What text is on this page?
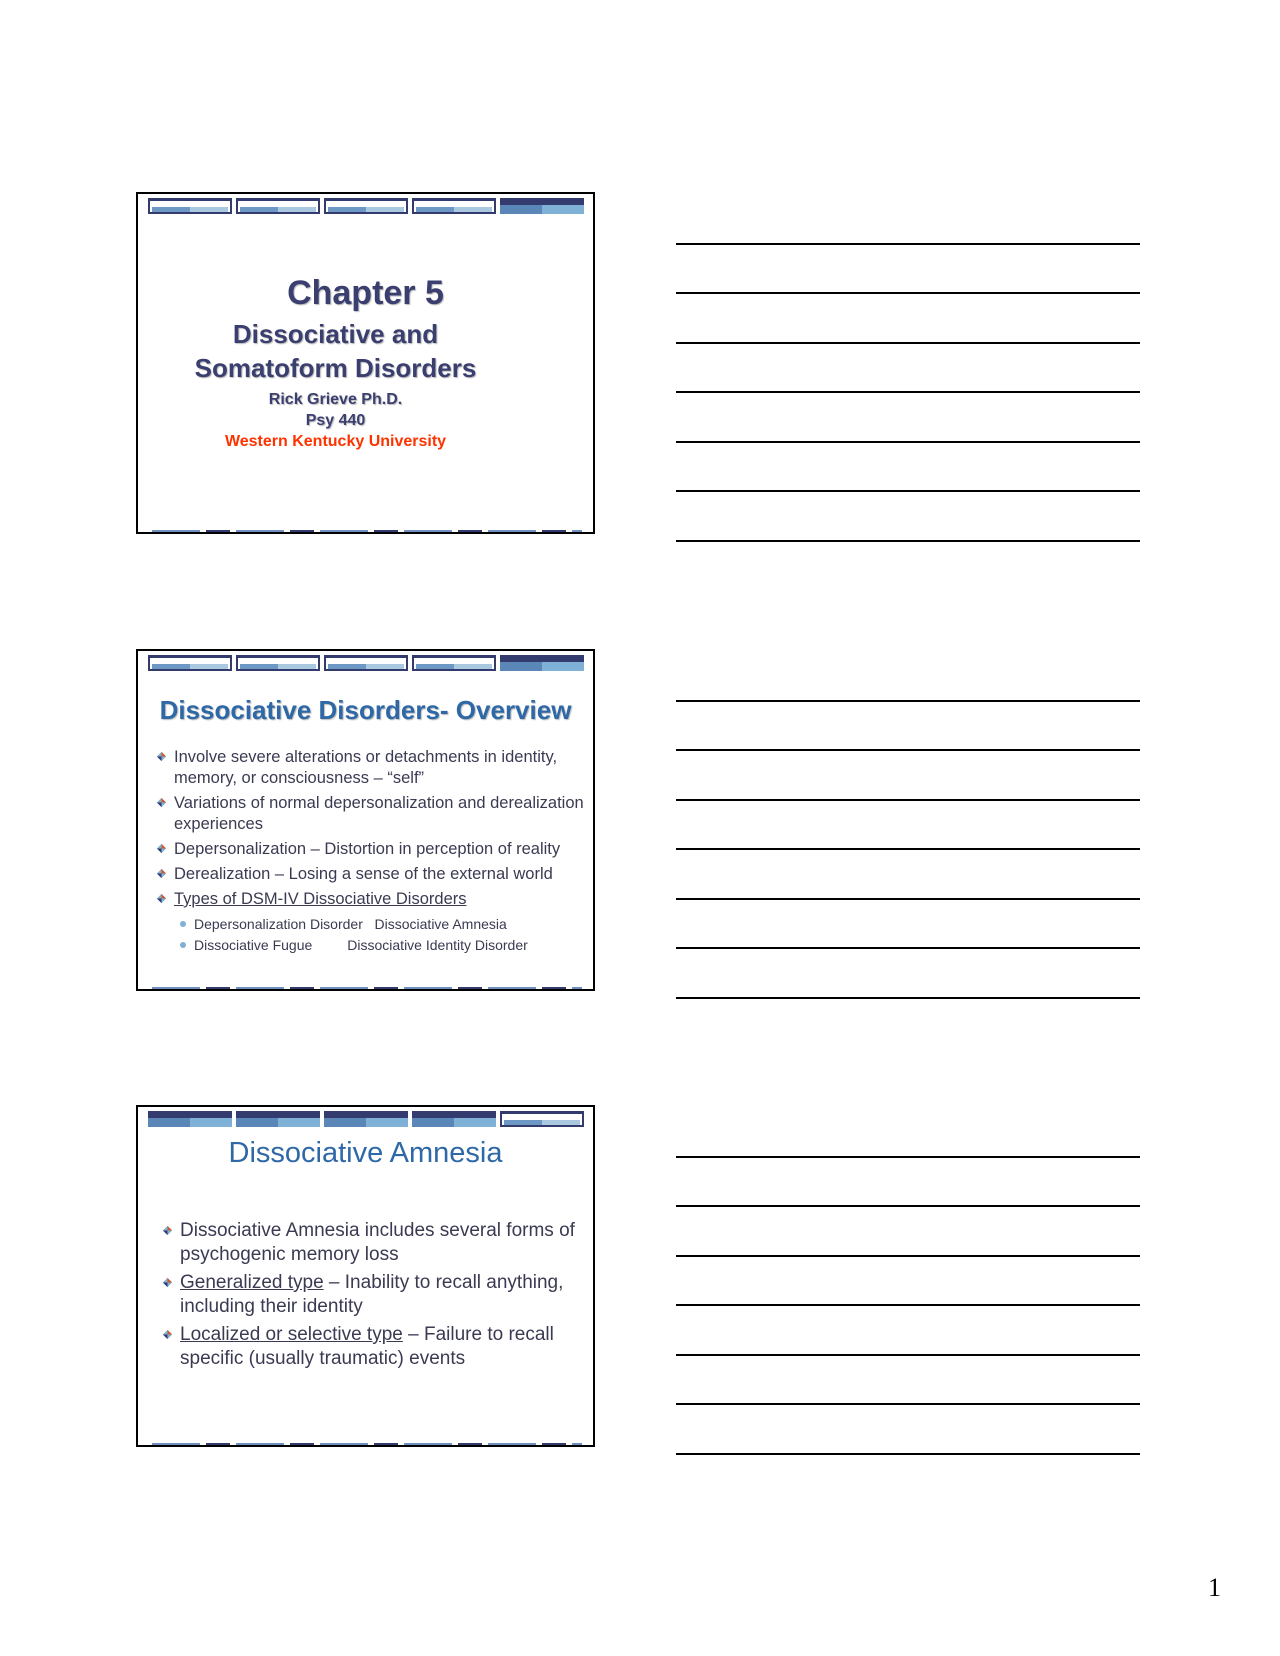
Chapter 5
Dissociative and
Somatoform Disorders
Rick Grieve Ph.D.
Psy 440
Western Kentucky University
Dissociative Disorders- Overview
Involve severe alterations or detachments in identity, memory, or consciousness – “self”
Variations of normal depersonalization and derealization experiences
Depersonalization – Distortion in perception of reality
Derealization – Losing a sense of the external world
Types of DSM-IV Dissociative Disorders
Depersonalization Disorder   Dissociative Amnesia
Dissociative Fugue         Dissociative Identity Disorder
Dissociative Amnesia
Dissociative Amnesia includes several forms of psychogenic memory loss
Generalized type – Inability to recall anything, including their identity
Localized or selective type – Failure to recall specific (usually traumatic) events
1
